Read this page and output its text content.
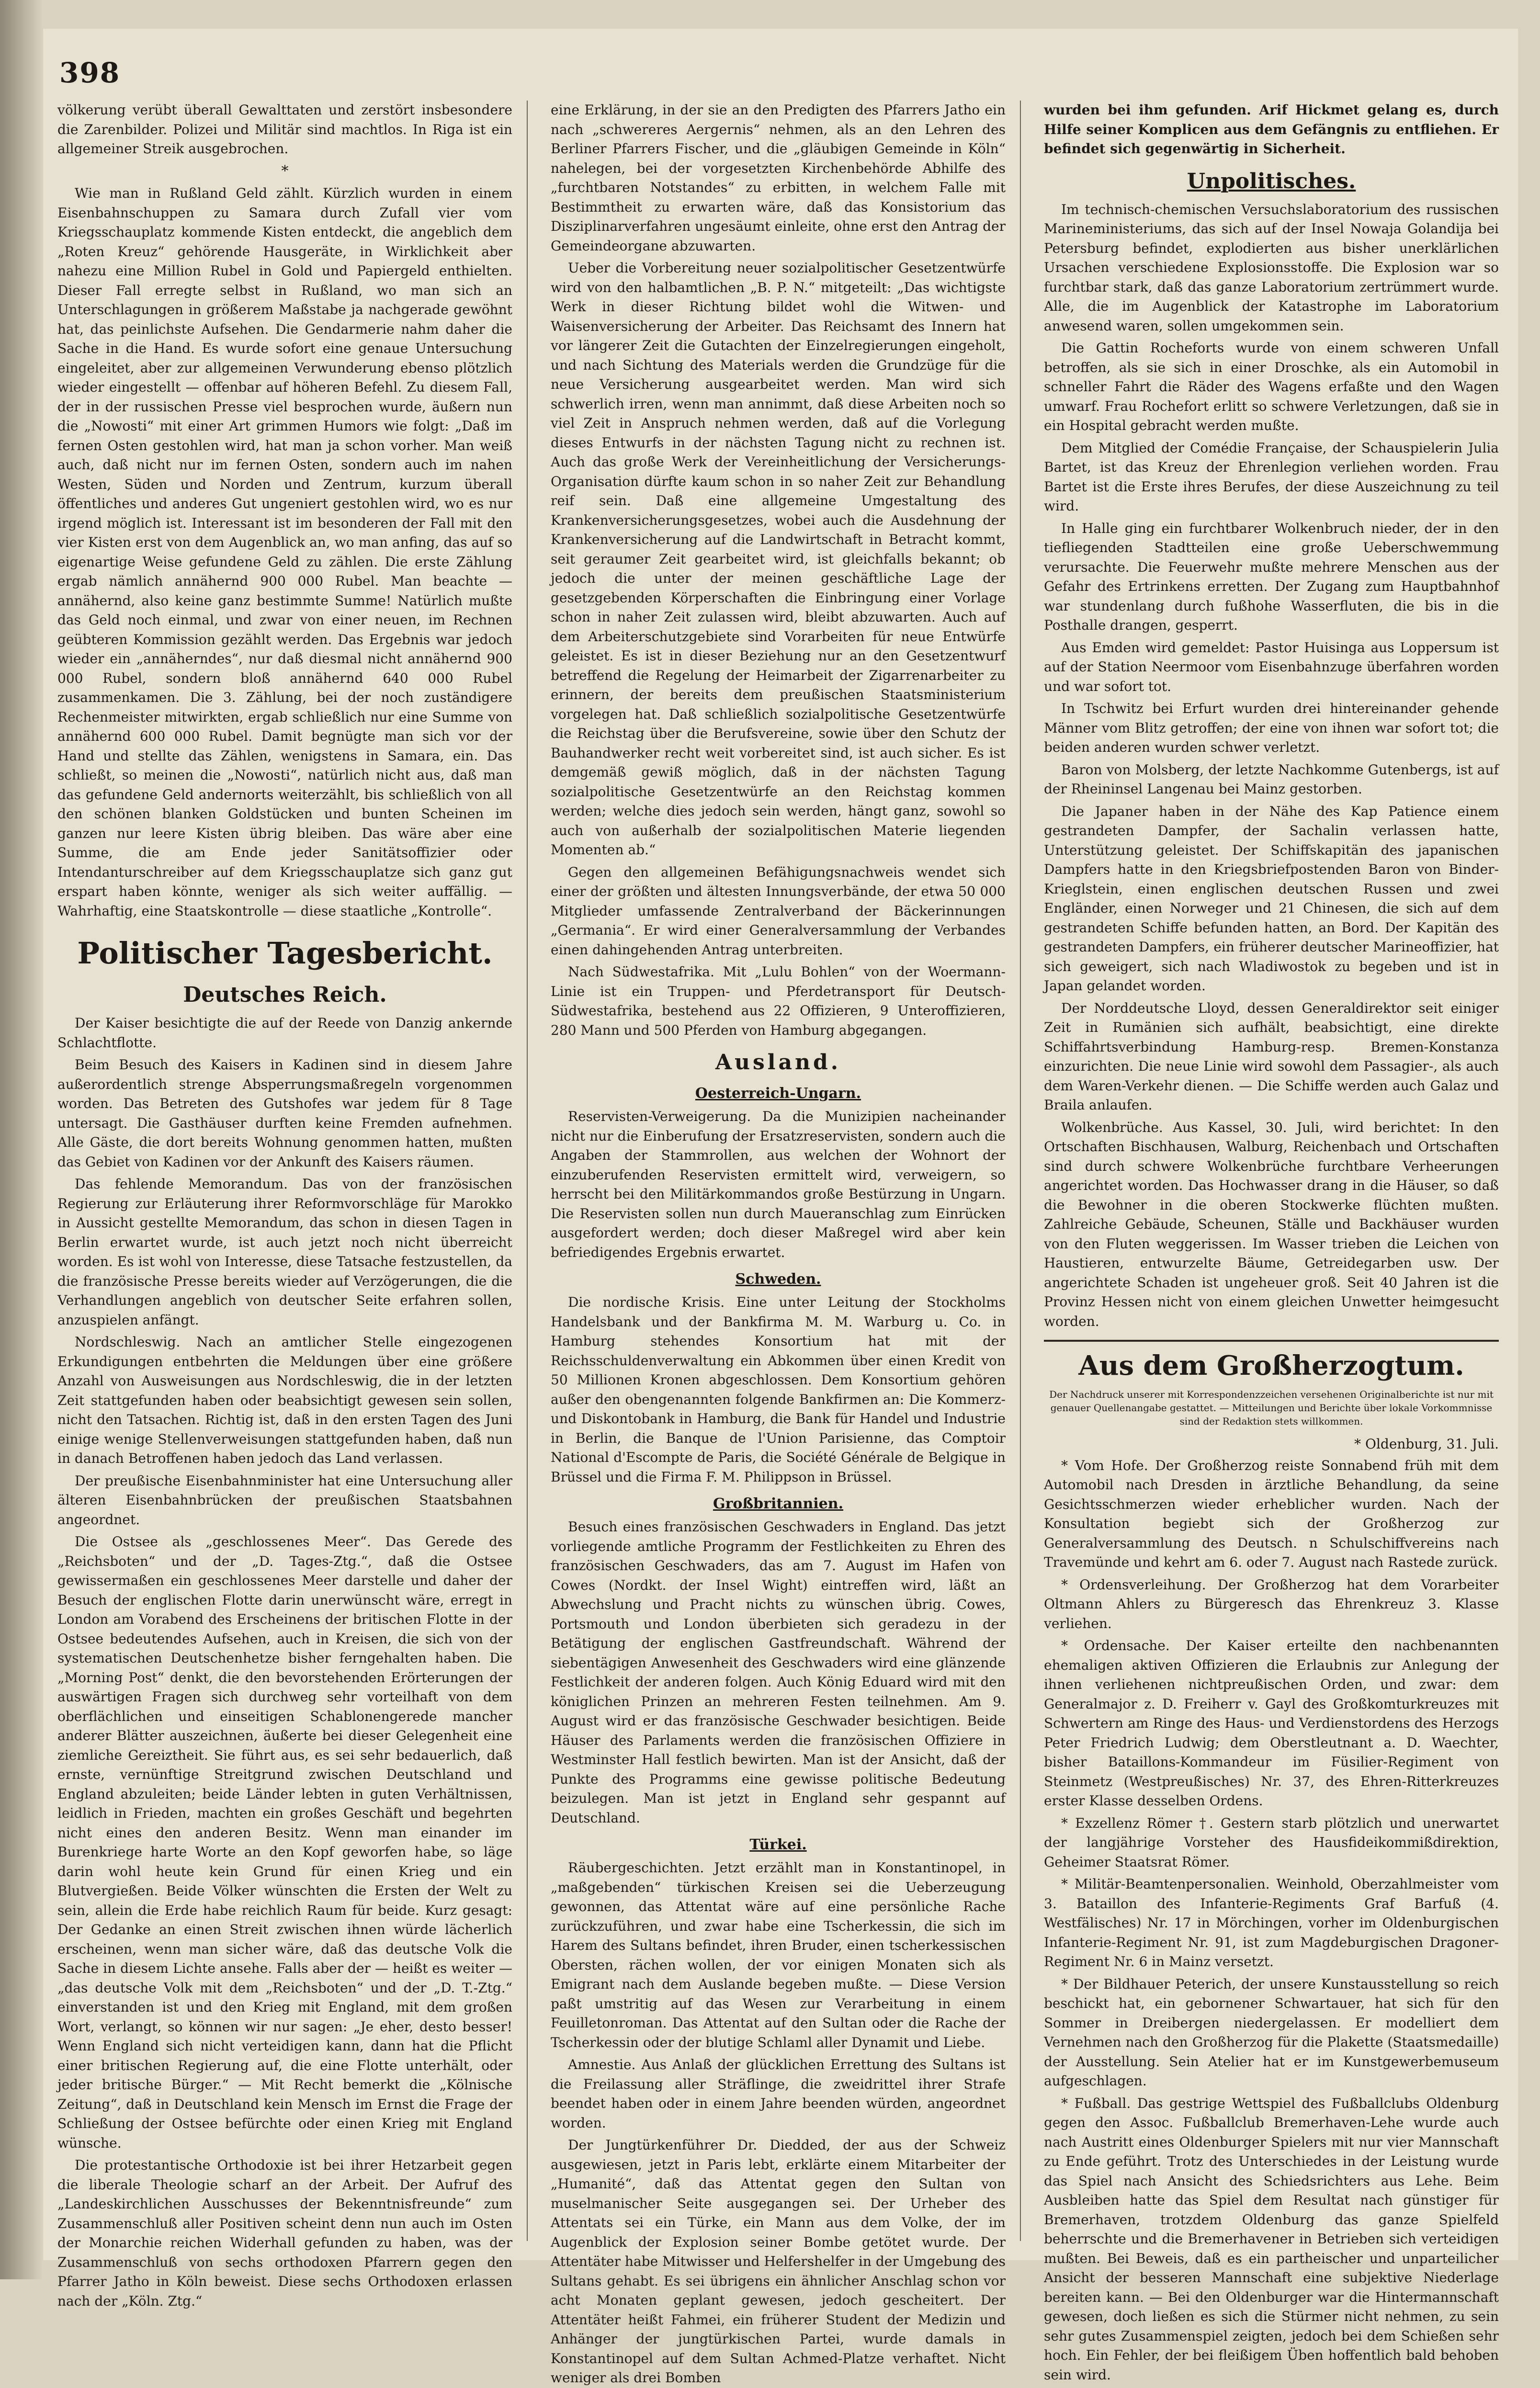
398

völkerung verübt überall Gewalttaten und zerstört insbesondere die Zarenbilder. Polizei und Militär sind machtlos. In Riga ist ein allgemeiner Streik ausgebrochen.

*

Wie man in Rußland Geld zählt. Kürzlich wurden in einem Eisenbahnschuppen zu Samara durch Zufall vier vom Kriegsschauplatz kommende Kisten entdeckt, die angeblich dem „Roten Kreuz“ gehörende Hausgeräte, in Wirklichkeit aber nahezu eine Million Rubel in Gold und Papiergeld enthielten. Dieser Fall erregte selbst in Rußland, wo man sich an Unterschlagungen in größerem Maßstabe ja nachgerade gewöhnt hat, das peinlichste Aufsehen. Die Gendarmerie nahm daher die Sache in die Hand. Es wurde sofort eine genaue Untersuchung eingeleitet, aber zur allgemeinen Verwunderung ebenso plötzlich wieder eingestellt — offenbar auf höheren Befehl. Zu diesem Fall, der in der russischen Presse viel besprochen wurde, äußern nun die „Nowosti“ mit einer Art grimmen Humors wie folgt: „Daß im fernen Osten gestohlen wird, hat man ja schon vorher. Man weiß auch, daß nicht nur im fernen Osten, sondern auch im nahen Westen, Süden und Norden und Zentrum, kurzum überall öffentliches und anderes Gut ungeniert gestohlen wird, wo es nur irgend möglich ist. Interessant ist im besonderen der Fall mit den vier Kisten erst von dem Augenblick an, wo man anfing, das auf so eigenartige Weise gefundene Geld zu zählen. Die erste Zählung ergab nämlich annähernd 900 000 Rubel. Man beachte — annähernd, also keine ganz bestimmte Summe! Natürlich mußte das Geld noch einmal, und zwar von einer neuen, im Rechnen geübteren Kommission gezählt werden. Das Ergebnis war jedoch wieder ein „annäherndes“, nur daß diesmal nicht annähernd 900 000 Rubel, sondern bloß annähernd 640 000 Rubel zusammenkamen. Die 3. Zählung, bei der noch zuständigere Rechenmeister mitwirkten, ergab schließlich nur eine Summe von annähernd 600 000 Rubel. Damit begnügte man sich vor der Hand und stellte das Zählen, wenigstens in Samara, ein. Das schließt, so meinen die „Nowosti“, natürlich nicht aus, daß man das gefundene Geld andernorts weiterzählt, bis schließlich von all den schönen blanken Goldstücken und bunten Scheinen im ganzen nur leere Kisten übrig bleiben. Das wäre aber eine Summe, die am Ende jeder Sanitätsoffizier oder Intendanturschreiber auf dem Kriegsschauplatze sich ganz gut erspart haben könnte, weniger als sich weiter auffällig. — Wahrhaftig, eine Staatskontrolle — diese staatliche „Kontrolle“.

Politischer Tagesbericht.
Deutsches Reich.

Der Kaiser besichtigte die auf der Reede von Danzig ankernde Schlachtflotte.

Beim Besuch des Kaisers in Kadinen sind in diesem Jahre außerordentlich strenge Absperrungsmaßregeln vorgenommen worden. Das Betreten des Gutshofes war jedem für 8 Tage untersagt. Die Gasthäuser durften keine Fremden aufnehmen. Alle Gäste, die dort bereits Wohnung genommen hatten, mußten das Gebiet von Kadinen vor der Ankunft des Kaisers räumen.

Das fehlende Memorandum. Das von der französischen Regierung zur Erläuterung ihrer Reformvorschläge für Marokko in Aussicht gestellte Memorandum, das schon in diesen Tagen in Berlin erwartet wurde, ist auch jetzt noch nicht überreicht worden. Es ist wohl von Interesse, diese Tatsache festzustellen, da die französische Presse bereits wieder auf Verzögerungen, die die Verhandlungen angeblich von deutscher Seite erfahren sollen, anzuspielen anfängt.

Nordschleswig. Nach an amtlicher Stelle eingezogenen Erkundigungen entbehrten die Meldungen über eine größere Anzahl von Ausweisungen aus Nordschleswig, die in der letzten Zeit stattgefunden haben oder beabsichtigt gewesen sein sollen, nicht den Tatsachen. Richtig ist, daß in den ersten Tagen des Juni einige wenige Stellenverweisungen stattgefunden haben, daß nun in danach Betroffenen haben jedoch das Land verlassen.

Der preußische Eisenbahnminister hat eine Untersuchung aller älteren Eisenbahnbrücken der preußischen Staatsbahnen angeordnet.

Die Ostsee als „geschlossenes Meer“. Das Gerede des „Reichsboten“ und der „D. Tages-Ztg.“, daß die Ostsee gewissermaßen ein geschlossenes Meer darstelle und daher der Besuch der englischen Flotte darin unerwünscht wäre, erregt in London am Vorabend des Erscheinens der britischen Flotte in der Ostsee bedeutendes Aufsehen, auch in Kreisen, die sich von der systematischen Deutschenhetze bisher ferngehalten haben. Die „Morning Post“ denkt, die den bevorstehenden Erörterungen der auswärtigen Fragen sich durchweg sehr vorteilhaft von dem oberflächlichen und einseitigen Schablonengerede mancher anderer Blätter auszeichnen, äußerte bei dieser Gelegenheit eine ziemliche Gereiztheit. Sie führt aus, es sei sehr bedauerlich, daß ernste, vernünftige Streitgrund zwischen Deutschland und England abzuleiten; beide Länder lebten in guten Verhältnissen, leidlich in Frieden, machten ein großes Geschäft und begehrten nicht eines den anderen Besitz. Wenn man einander im Burenkriege harte Worte an den Kopf geworfen habe, so läge darin wohl heute kein Grund für einen Krieg und ein Blutvergießen. Beide Völker wünschten die Ersten der Welt zu sein, allein die Erde habe reichlich Raum für beide. Kurz gesagt: Der Gedanke an einen Streit zwischen ihnen würde lächerlich erscheinen, wenn man sicher wäre, daß das deutsche Volk die Sache in diesem Lichte ansehe. Falls aber der — heißt es weiter — „das deutsche Volk mit dem „Reichsboten“ und der „D. T.-Ztg.“ einverstanden ist und den Krieg mit England, mit dem großen Wort, verlangt, so können wir nur sagen: „Je eher, desto besser! Wenn England sich nicht verteidigen kann, dann hat die Pflicht einer britischen Regierung auf, die eine Flotte unterhält, oder jeder britische Bürger.“ — Mit Recht bemerkt die „Kölnische Zeitung“, daß in Deutschland kein Mensch im Ernst die Frage der Schließung der Ostsee befürchte oder einen Krieg mit England wünsche.

Die protestantische Orthodoxie ist bei ihrer Hetzarbeit gegen die liberale Theologie scharf an der Arbeit. Der Aufruf des „Landeskirchlichen Ausschusses der Bekenntnisfreunde“ zum Zusammenschluß aller Positiven scheint denn nun auch im Osten der Monarchie reichen Widerhall gefunden zu haben, was der Zusammenschluß von sechs orthodoxen Pfarrern gegen den Pfarrer Jatho in Köln beweist. Diese sechs Orthodoxen erlassen nach der „Köln. Ztg.“

eine Erklärung, in der sie an den Predigten des Pfarrers Jatho ein nach „schwereres Aergernis“ nehmen, als an den Lehren des Berliner Pfarrers Fischer, und die „gläubigen Gemeinde in Köln“ nahelegen, bei der vorgesetzten Kirchenbehörde Abhilfe des „furchtbaren Notstandes“ zu erbitten, in welchem Falle mit Bestimmtheit zu erwarten wäre, daß das Konsistorium das Disziplinarverfahren ungesäumt einleite, ohne erst den Antrag der Gemeindeorgane abzuwarten.

Ueber die Vorbereitung neuer sozialpolitischer Gesetzentwürfe wird von den halbamtlichen „B. P. N.“ mitgeteilt: „Das wichtigste Werk in dieser Richtung bildet wohl die Witwen- und Waisenversicherung der Arbeiter. Das Reichsamt des Innern hat vor längerer Zeit die Gutachten der Einzelregierungen eingeholt, und nach Sichtung des Materials werden die Grundzüge für die neue Versicherung ausgearbeitet werden. Man wird sich schwerlich irren, wenn man annimmt, daß diese Arbeiten noch so viel Zeit in Anspruch nehmen werden, daß auf die Vorlegung dieses Entwurfs in der nächsten Tagung nicht zu rechnen ist. Auch das große Werk der Vereinheitlichung der Versicherungs-Organisation dürfte kaum schon in so naher Zeit zur Behandlung reif sein. Daß eine allgemeine Umgestaltung des Krankenversicherungsgesetzes, wobei auch die Ausdehnung der Krankenversicherung auf die Landwirtschaft in Betracht kommt, seit geraumer Zeit gearbeitet wird, ist gleichfalls bekannt; ob jedoch die unter der meinen geschäftliche Lage der gesetzgebenden Körperschaften die Einbringung einer Vorlage schon in naher Zeit zulassen wird, bleibt abzuwarten. Auch auf dem Arbeiterschutzgebiete sind Vorarbeiten für neue Entwürfe geleistet. Es ist in dieser Beziehung nur an den Gesetzentwurf betreffend die Regelung der Heimarbeit der Zigarrenarbeiter zu erinnern, der bereits dem preußischen Staatsministerium vorgelegen hat. Daß schließlich sozialpolitische Gesetzentwürfe die Reichstag über die Berufsvereine, sowie über den Schutz der Bauhandwerker recht weit vorbereitet sind, ist auch sicher. Es ist demgemäß gewiß möglich, daß in der nächsten Tagung sozialpolitische Gesetzentwürfe an den Reichstag kommen werden; welche dies jedoch sein werden, hängt ganz, sowohl so auch von außerhalb der sozialpolitischen Materie liegenden Momenten ab.“

Gegen den allgemeinen Befähigungsnachweis wendet sich einer der größten und ältesten Innungsverbände, der etwa 50 000 Mitglieder umfassende Zentralverband der Bäckerinnungen „Germania“. Er wird einer Generalversammlung der Verbandes einen dahingehenden Antrag unterbreiten.

Nach Südwestafrika. Mit „Lulu Bohlen“ von der Woermann-Linie ist ein Truppen- und Pferdetransport für Deutsch-Südwestafrika, bestehend aus 22 Offizieren, 9 Unteroffizieren, 280 Mann und 500 Pferden von Hamburg abgegangen.

Ausland.
Oesterreich-Ungarn.

Reservisten-Verweigerung. Da die Munizipien nacheinander nicht nur die Einberufung der Ersatzreservisten, sondern auch die Angaben der Stammrollen, aus welchen der Wohnort der einzuberufenden Reservisten ermittelt wird, verweigern, so herrscht bei den Militärkommandos große Bestürzung in Ungarn. Die Reservisten sollen nun durch Maueranschlag zum Einrücken ausgefordert werden; doch dieser Maßregel wird aber kein befriedigendes Ergebnis erwartet.

Schweden.

Die nordische Krisis. Eine unter Leitung der Stockholms Handelsbank und der Bankfirma M. M. Warburg u. Co. in Hamburg stehendes Konsortium hat mit der Reichsschuldenverwaltung ein Abkommen über einen Kredit von 50 Millionen Kronen abgeschlossen. Dem Konsortium gehören außer den obengenannten folgende Bankfirmen an: Die Kommerz- und Diskontobank in Hamburg, die Bank für Handel und Industrie in Berlin, die Banque de l'Union Parisienne, das Comptoir National d'Escompte de Paris, die Société Générale de Belgique in Brüssel und die Firma F. M. Philippson in Brüssel.

Großbritannien.

Besuch eines französischen Geschwaders in England. Das jetzt vorliegende amtliche Programm der Festlichkeiten zu Ehren des französischen Geschwaders, das am 7. August im Hafen von Cowes (Nordkt. der Insel Wight) eintreffen wird, läßt an Abwechslung und Pracht nichts zu wünschen übrig. Cowes, Portsmouth und London überbieten sich geradezu in der Betätigung der englischen Gastfreundschaft. Während der siebentägigen Anwesenheit des Geschwaders wird eine glänzende Festlichkeit der anderen folgen. Auch König Eduard wird mit den königlichen Prinzen an mehreren Festen teilnehmen. Am 9. August wird er das französische Geschwader besichtigen. Beide Häuser des Parlaments werden die französischen Offiziere in Westminster Hall festlich bewirten. Man ist der Ansicht, daß der Punkte des Programms eine gewisse politische Bedeutung beizulegen. Man ist jetzt in England sehr gespannt auf Deutschland.

Türkei.

Räubergeschichten. Jetzt erzählt man in Konstantinopel, in „maßgebenden“ türkischen Kreisen sei die Ueberzeugung gewonnen, das Attentat wäre auf eine persönliche Rache zurückzuführen, und zwar habe eine Tscherkessin, die sich im Harem des Sultans befindet, ihren Bruder, einen tscherkessischen Obersten, rächen wollen, der vor einigen Monaten sich als Emigrant nach dem Auslande begeben mußte. — Diese Version paßt umstritig auf das Wesen zur Verarbeitung in einem Feuilletonroman. Das Attentat auf den Sultan oder die Rache der Tscherkessin oder der blutige Schlaml aller Dynamit und Liebe.

Amnestie. Aus Anlaß der glücklichen Errettung des Sultans ist die Freilassung aller Sträflinge, die zweidrittel ihrer Strafe beendet haben oder in einem Jahre beenden würden, angeordnet worden.

Der Jungtürkenführer Dr. Diedded, der aus der Schweiz ausgewiesen, jetzt in Paris lebt, erklärte einem Mitarbeiter der „Humanité“, daß das Attentat gegen den Sultan von muselmanischer Seite ausgegangen sei. Der Urheber des Attentats sei ein Türke, ein Mann aus dem Volke, der im Augenblick der Explosion seiner Bombe getötet wurde. Der Attentäter habe Mitwisser und Helfershelfer in der Umgebung des Sultans gehabt. Es sei übrigens ein ähnlicher Anschlag schon vor acht Monaten geplant gewesen, jedoch gescheitert. Der Attentäter heißt Fahmei, ein früherer Student der Medizin und Anhänger der jungtürkischen Partei, wurde damals in Konstantinopel auf dem Sultan Achmed-Platze verhaftet. Nicht weniger als drei Bomben

wurden bei ihm gefunden. Arif Hickmet gelang es, durch Hilfe seiner Komplicen aus dem Gefängnis zu entfliehen. Er befindet sich gegenwärtig in Sicherheit.

Unpolitisches.

Im technisch-chemischen Versuchslaboratorium des russischen Marineministeriums, das sich auf der Insel Nowaja Golandija bei Petersburg befindet, explodierten aus bisher unerklärlichen Ursachen verschiedene Explosionsstoffe. Die Explosion war so furchtbar stark, daß das ganze Laboratorium zertrümmert wurde. Alle, die im Augenblick der Katastrophe im Laboratorium anwesend waren, sollen umgekommen sein.

Die Gattin Rocheforts wurde von einem schweren Unfall betroffen, als sie sich in einer Droschke, als ein Automobil in schneller Fahrt die Räder des Wagens erfaßte und den Wagen umwarf. Frau Rochefort erlitt so schwere Verletzungen, daß sie in ein Hospital gebracht werden mußte.

Dem Mitglied der Comédie Française, der Schauspielerin Julia Bartet, ist das Kreuz der Ehrenlegion verliehen worden. Frau Bartet ist die Erste ihres Berufes, der diese Auszeichnung zu teil wird.

In Halle ging ein furchtbarer Wolkenbruch nieder, der in den tiefliegenden Stadtteilen eine große Ueberschwemmung verursachte. Die Feuerwehr mußte mehrere Menschen aus der Gefahr des Ertrinkens erretten. Der Zugang zum Hauptbahnhof war stundenlang durch fußhohe Wasserfluten, die bis in die Posthalle drangen, gesperrt.

Aus Emden wird gemeldet: Pastor Huisinga aus Loppersum ist auf der Station Neermoor vom Eisenbahnzuge überfahren worden und war sofort tot.

In Tschwitz bei Erfurt wurden drei hintereinander gehende Männer vom Blitz getroffen; der eine von ihnen war sofort tot; die beiden anderen wurden schwer verletzt.

Baron von Molsberg, der letzte Nachkomme Gutenbergs, ist auf der Rheininsel Langenau bei Mainz gestorben.

Die Japaner haben in der Nähe des Kap Patience einem gestrandeten Dampfer, der Sachalin verlassen hatte, Unterstützung geleistet. Der Schiffskapitän des japanischen Dampfers hatte in den Kriegsbriefpostenden Baron von Binder-Krieglstein, einen englischen deutschen Russen und zwei Engländer, einen Norweger und 21 Chinesen, die sich auf dem gestrandeten Schiffe befunden hatten, an Bord. Der Kapitän des gestrandeten Dampfers, ein früherer deutscher Marineoffizier, hat sich geweigert, sich nach Wladiwostok zu begeben und ist in Japan gelandet worden.

Der Norddeutsche Lloyd, dessen Generaldirektor seit einiger Zeit in Rumänien sich aufhält, beabsichtigt, eine direkte Schiffahrtsverbindung Hamburg-resp. Bremen-Konstanza einzurichten. Die neue Linie wird sowohl dem Passagier-, als auch dem Waren-Verkehr dienen. — Die Schiffe werden auch Galaz und Braila anlaufen.

Wolkenbrüche. Aus Kassel, 30. Juli, wird berichtet: In den Ortschaften Bischhausen, Walburg, Reichenbach und Ortschaften sind durch schwere Wolkenbrüche furchtbare Verheerungen angerichtet worden. Das Hochwasser drang in die Häuser, so daß die Bewohner in die oberen Stockwerke flüchten mußten. Zahlreiche Gebäude, Scheunen, Ställe und Backhäuser wurden von den Fluten weggerissen. Im Wasser trieben die Leichen von Haustieren, entwurzelte Bäume, Getreidegarben usw. Der angerichtete Schaden ist ungeheuer groß. Seit 40 Jahren ist die Provinz Hessen nicht von einem gleichen Unwetter heimgesucht worden.

Aus dem Großherzogtum.
Der Nachdruck unserer mit Korrespondenzzeichen versehenen Originalberichte ist nur mit genauer Quellenangabe gestattet. — Mitteilungen und Berichte über lokale Vorkommnisse sind der Redaktion stets willkommen.

* Oldenburg, 31. Juli.

* Vom Hofe. Der Großherzog reiste Sonnabend früh mit dem Automobil nach Dresden in ärztliche Behandlung, da seine Gesichtsschmerzen wieder erheblicher wurden. Nach der Konsultation begiebt sich der Großherzog zur Generalversammlung des Deutsch. n Schulschiffvereins nach Travemünde und kehrt am 6. oder 7. August nach Rastede zurück.

* Ordensverleihung. Der Großherzog hat dem Vorarbeiter Oltmann Ahlers zu Bürgeresch das Ehrenkreuz 3. Klasse verliehen.

* Ordensache. Der Kaiser erteilte den nachbenannten ehemaligen aktiven Offizieren die Erlaubnis zur Anlegung der ihnen verliehenen nichtpreußischen Orden, und zwar: dem Generalmajor z. D. Freiherr v. Gayl des Großkomturkreuzes mit Schwertern am Ringe des Haus- und Verdienstordens des Herzogs Peter Friedrich Ludwig; dem Oberstleutnant a. D. Waechter, bisher Bataillons-Kommandeur im Füsilier-Regiment von Steinmetz (Westpreußisches) Nr. 37, des Ehren-Ritterkreuzes erster Klasse desselben Ordens.

* Exzellenz Römer †. Gestern starb plötzlich und unerwartet der langjährige Vorsteher des Hausfideikommißdirektion, Geheimer Staatsrat Römer.

* Militär-Beamtenpersonalien. Weinhold, Oberzahlmeister vom 3. Bataillon des Infanterie-Regiments Graf Barfuß (4. Westfälisches) Nr. 17 in Mörchingen, vorher im Oldenburgischen Infanterie-Regiment Nr. 91, ist zum Magdeburgischen Dragoner-Regiment Nr. 6 in Mainz versetzt.

* Der Bildhauer Peterich, der unsere Kunstausstellung so reich beschickt hat, ein gebornener Schwartauer, hat sich für den Sommer in Dreibergen niedergelassen. Er modelliert dem Vernehmen nach den Großherzog für die Plakette (Staatsmedaille) der Ausstellung. Sein Atelier hat er im Kunstgewerbemuseum aufgeschlagen.

* Fußball. Das gestrige Wettspiel des Fußballclubs Oldenburg gegen den Assoc. Fußballclub Bremerhaven-Lehe wurde auch nach Austritt eines Oldenburger Spielers mit nur vier Mannschaft zu Ende geführt. Trotz des Unterschiedes in der Leistung wurde das Spiel nach Ansicht des Schiedsrichters aus Lehe. Beim Ausbleiben hatte das Spiel dem Resultat nach günstiger für Bremerhaven, trotzdem Oldenburg das ganze Spielfeld beherrschte und die Bremerhavener in Betrieben sich verteidigen mußten. Bei Beweis, daß es ein partheischer und unparteilicher Ansicht der besseren Mannschaft eine subjektive Niederlage bereiten kann. — Bei den Oldenburger war die Hintermannschaft gewesen, doch ließen es sich die Stürmer nicht nehmen, zu sein sehr gutes Zusammenspiel zeigten, jedoch bei dem Schießen sehr hoch. Ein Fehler, der bei fleißigem Üben hoffentlich bald behoben sein wird.
